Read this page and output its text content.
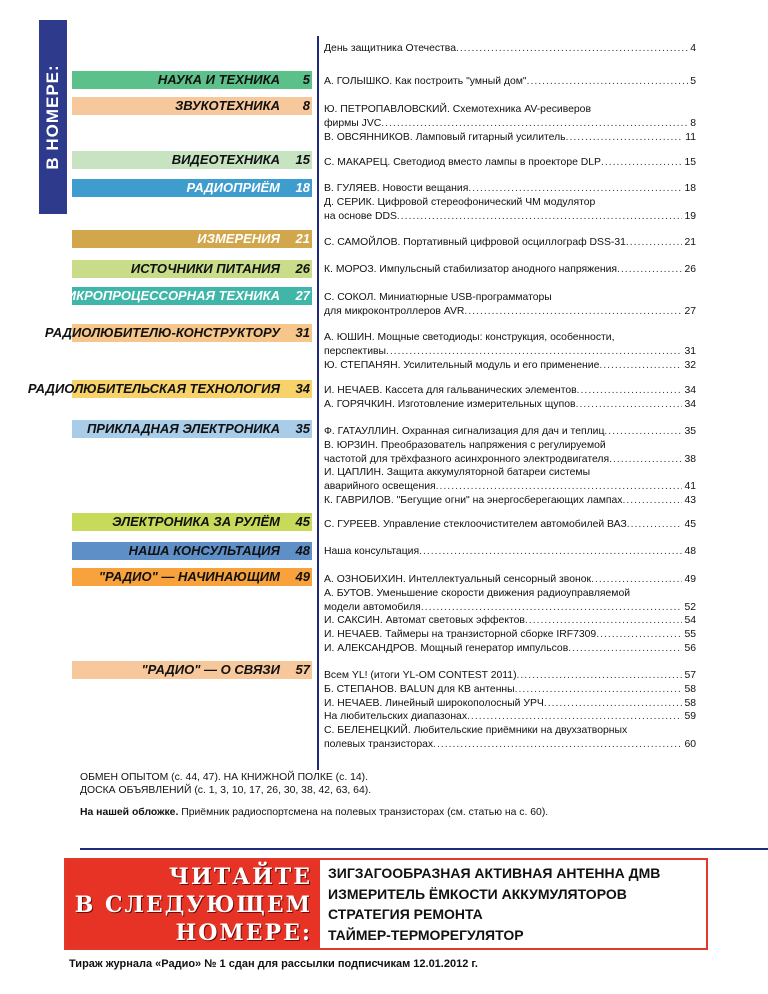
В НОМЕРЕ:	НАУКА И ТЕХНИКА 5
ЗВУКОТЕХНИКА 8
ВИДЕОТЕХНИКА 15
РАДИОПРИЁМ 18
ИЗМЕРЕНИЯ 21
ИСТОЧНИКИ ПИТАНИЯ 26
МИКРОПРОЦЕССОРНАЯ ТЕХНИКА 27
РАДИОЛЮБИТЕЛЮ-КОНСТРУКТОРУ 31
РАДИОЛЮБИТЕЛЬСКАЯ ТЕХНОЛОГИЯ 34
ПРИКЛАДНАЯ ЭЛЕКТРОНИКА 35
ЭЛЕКТРОНИКА ЗА РУЛЁМ 45
НАША КОНСУЛЬТАЦИЯ 48
"РАДИО" — НАЧИНАЮЩИМ 49
"РАДИО" — О СВЯЗИ 57
День защитника Отечества .....	4
А. ГОЛЫШКО. Как построить "умный дом" .....	5
Ю. ПЕТРОПАВЛОВСКИЙ. Схемотехника AV-ресиверов
фирмы JVC .....	8
В. ОВСЯННИКОВ. Ламповый гитарный усилитель .....	11
С. МАКАРЕЦ. Светодиод вместо лампы в проекторе DLP .....	15
В. ГУЛЯЕВ. Новости вещания .....	18
Д. СЕРИК. Цифровой стереофонический ЧМ модулятор
на основе DDS .....	19
С. САМОЙЛОВ. Портативный цифровой осциллограф DSS-31 .....	21
К. МОРОЗ. Импульсный стабилизатор анодного напряжения .....	26
С. СОКОЛ. Миниатюрные USB-программаторы
для микроконтроллеров AVR .....	27
А. ЮШИН. Мощные светодиоды: конструкция, особенности,
перспективы .....	31
Ю. СТЕПАНЯН. Усилительный модуль и его применение .....	32
И. НЕЧАЕВ. Кассета для гальванических элементов .....	34
А. ГОРЯЧКИН. Изготовление измерительных щупов .....	34
Ф. ГАТАУЛЛИН. Охранная сигнализация для дач и теплиц .....	35
В. ЮРЗИН. Преобразователь напряжения с регулируемой
частотой для трёхфазного асинхронного электродвигателя .....	38
И. ЦАПЛИН. Защита аккумуляторной батареи системы
аварийного освещения .....	41
К. ГАВРИЛОВ. "Бегущие огни" на энергосберегающих лампах .....	43
С. ГУРЕЕВ. Управление стеклоочистителем автомобилей ВАЗ .....	45
Наша консультация .....	48
А. ОЗНОБИХИН. Интеллектуальный сенсорный звонок .....	49
А. БУТОВ. Уменьшение скорости движения радиоуправляемой
модели автомобиля .....	52
И. САКСИН. Автомат световых эффектов .....	54
И. НЕЧАЕВ. Таймеры на транзисторной сборке IRF7309 .....	55
И. АЛЕКСАНДРОВ. Мощный генератор импульсов .....	56
Всем YL! (итоги YL-OM CONTEST 2011) .....	57
Б. СТЕПАНОВ. BALUN для КВ антенны .....	58
И. НЕЧАЕВ. Линейный широкополосный УРЧ .....	58
На любительских диапазонах .....	59
С. БЕЛЕНЕЦКИЙ. Любительские приёмники на двухзатворных
полевых транзисторах .....	60
ОБМЕН ОПЫТОМ (с. 44, 47). НА КНИЖНОЙ ПОЛКЕ (с. 14).
ДОСКА ОБЪЯВЛЕНИЙ (с. 1, 3, 10, 17, 26, 30, 38, 42, 63, 64).
На нашей обложке. Приёмник радиоспортсмена на полевых транзисторах (см. статью на с. 60).
ЧИТАЙТЕ
В СЛЕДУЮЩЕМ
НОМЕРЕ:
ЗИГЗАГООБРАЗНАЯ АКТИВНАЯ АНТЕННА ДМВ
ИЗМЕРИТЕЛЬ ЁМКОСТИ АККУМУЛЯТОРОВ
СТРАТЕГИЯ РЕМОНТА
ТАЙМЕР-ТЕРМОРЕГУЛЯТОР
Тираж журнала «Радио» № 1 сдан для рассылки подписчикам 12.01.2012 г.
